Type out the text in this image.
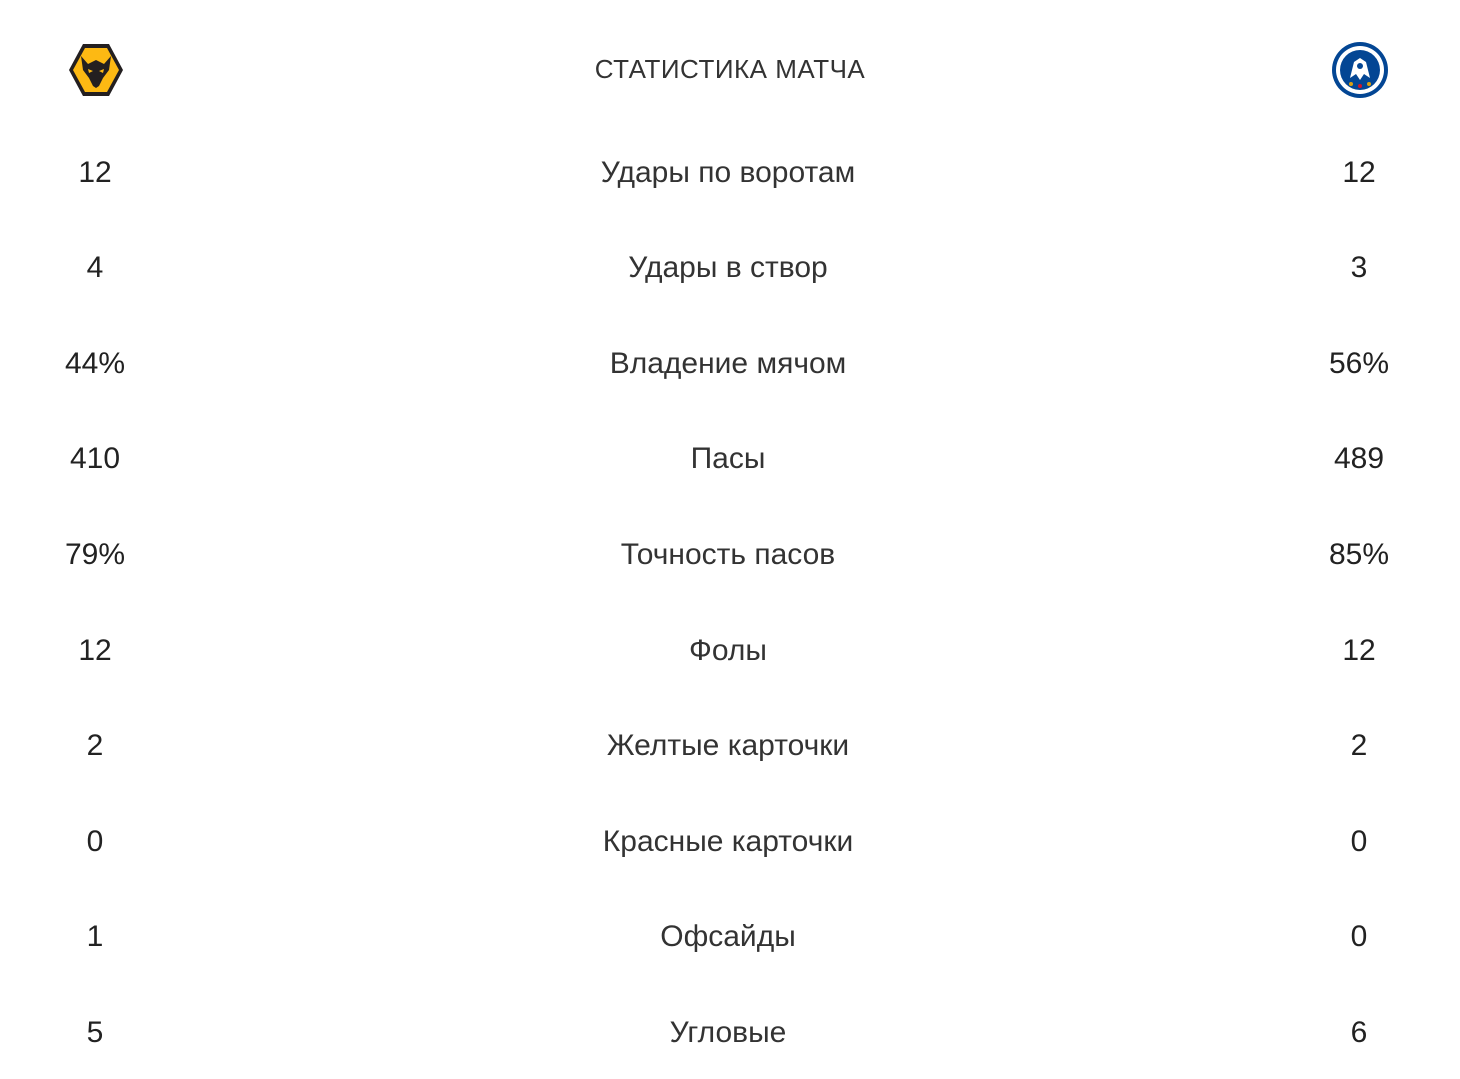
СТАТИСТИКА МАТЧА
12	Удары по воротам	12
4	Удары в створ	3
44%	Владение мячом	56%
410	Пасы	489
79%	Точность пасов	85%
12	Фолы	12
2	Желтые карточки	2
0	Красные карточки	0
1	Офсайды	0
5	Угловые	6
